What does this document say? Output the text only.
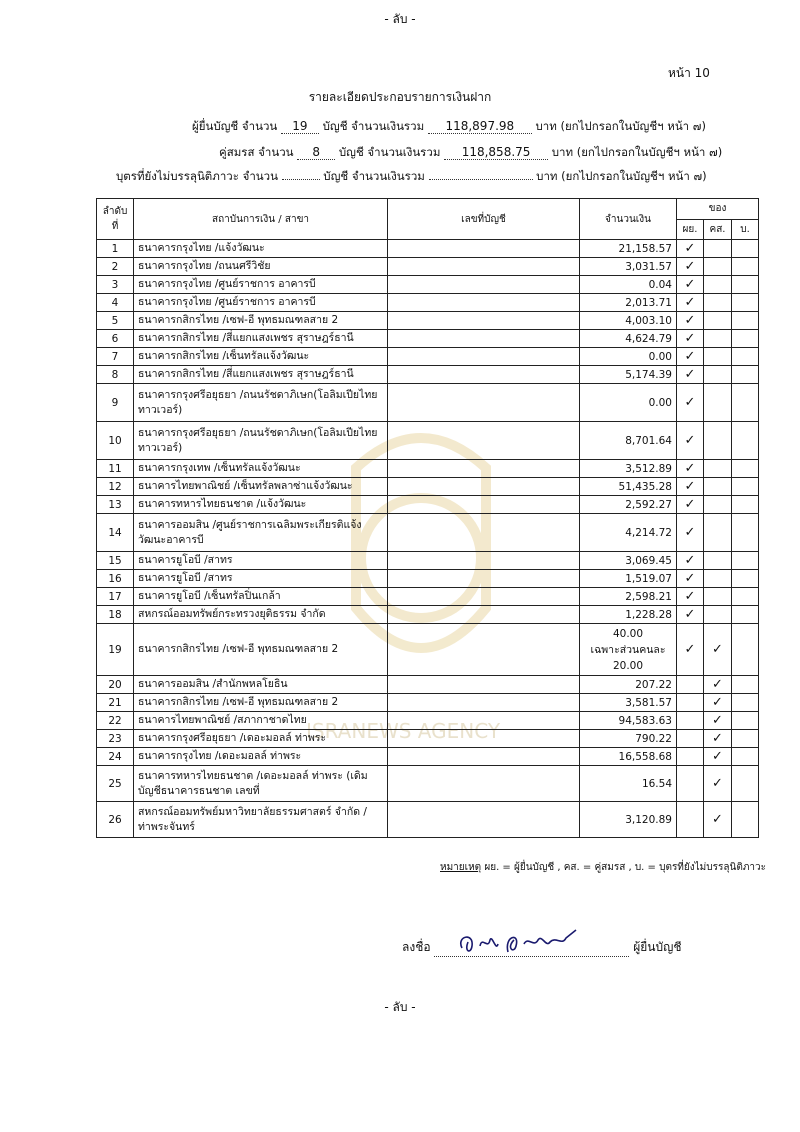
ISRANEWS AGENCY
- ลับ -
หน้า 10
รายละเอียดประกอบรายการเงินฝาก
ผู้ยื่นบัญชี จำนวน 19 บัญชี จำนวนเงินรวม 118,897.98 บาท (ยกไปกรอกในบัญชีฯ หน้า ๗)
คู่สมรส จำนวน 8 บัญชี จำนวนเงินรวม 118,858.75 บาท (ยกไปกรอกในบัญชีฯ หน้า ๗)
บุตรที่ยังไม่บรรลุนิติภาวะ จำนวน	บัญชี จำนวนเงินรวม	บาท (ยกไปกรอกในบัญชีฯ หน้า ๗)
ลำดับที่	สถาบันการเงิน / สาขา	เลขที่บัญชี	จำนวนเงิน	ของ		
				ผย.	คส.	บ.
1	ธนาคารกรุงไทย /แจ้งวัฒนะ		21,158.57	✓		
2	ธนาคารกรุงไทย /ถนนศรีวิชัย		3,031.57	✓		
3	ธนาคารกรุงไทย /ศูนย์ราชการ อาคารบี		0.04	✓		
4	ธนาคารกรุงไทย /ศูนย์ราชการ อาคารบี		2,013.71	✓		
5	ธนาคารกสิกรไทย /เซฟ-อี พุทธมณฑลสาย 2		4,003.10	✓		
6	ธนาคารกสิกรไทย /สี่แยกแสงเพชร สุราษฎร์ธานี		4,624.79	✓		
7	ธนาคารกสิกรไทย /เซ็นทรัลแจ้งวัฒนะ		0.00	✓		
8	ธนาคารกสิกรไทย /สี่แยกแสงเพชร สุราษฎร์ธานี		5,174.39	✓		
9	ธนาคารกรุงศรีอยุธยา /ถนนรัชดาภิเษก(โอลิมเปียไทย ทาวเวอร์)		0.00	✓		
10	ธนาคารกรุงศรีอยุธยา /ถนนรัชดาภิเษก(โอลิมเปียไทย ทาวเวอร์)		8,701.64	✓		
11	ธนาคารกรุงเทพ /เซ็นทรัลแจ้งวัฒนะ		3,512.89	✓		
12	ธนาคารไทยพาณิชย์ /เซ็นทรัลพลาซ่าแจ้งวัฒนะ		51,435.28	✓		
13	ธนาคารทหารไทยธนชาต /แจ้งวัฒนะ		2,592.27	✓		
14	ธนาคารออมสิน /ศูนย์ราชการเฉลิมพระเกียรติแจ้ง วัฒนะอาคารบี		4,214.72	✓		
15	ธนาคารยูโอบี /สาทร		3,069.45	✓		
16	ธนาคารยูโอบี /สาทร		1,519.07	✓		
17	ธนาคารยูโอบี /เซ็นทรัลปิ่นเกล้า		2,598.21	✓		
18	สหกรณ์ออมทรัพย์กระทรวงยุติธรรม จำกัด		1,228.28	✓		
19	ธนาคารกสิกรไทย /เซฟ-อี พุทธมณฑลสาย 2		40.00
เฉพาะส่วนคนละ
20.00	✓	✓	
20	ธนาคารออมสิน /สำนักพหลโยธิน		207.22		✓	
21	ธนาคารกสิกรไทย /เซฟ-อี พุทธมณฑลสาย 2		3,581.57		✓	
22	ธนาคารไทยพาณิชย์ /สภากาชาดไทย		94,583.63		✓	
23	ธนาคารกรุงศรีอยุธยา /เดอะมอลล์ ท่าพระ		790.22		✓	
24	ธนาคารกรุงไทย /เดอะมอลล์ ท่าพระ		16,558.68		✓	
25	ธนาคารทหารไทยธนชาต /เดอะมอลล์ ท่าพระ (เดิมบัญชีธนาคารธนชาต เลขที่		16.54		✓	
26	สหกรณ์ออมทรัพย์มหาวิทยาลัยธรรมศาสตร์ จำกัด /ท่าพระจันทร์		3,120.89		✓	
หมายเหตุ ผย. = ผู้ยื่นบัญชี , คส. = คู่สมรส , บ. = บุตรที่ยังไม่บรรลุนิติภาวะ
ลงชื่อ	ผู้ยื่นบัญชี
- ลับ -
